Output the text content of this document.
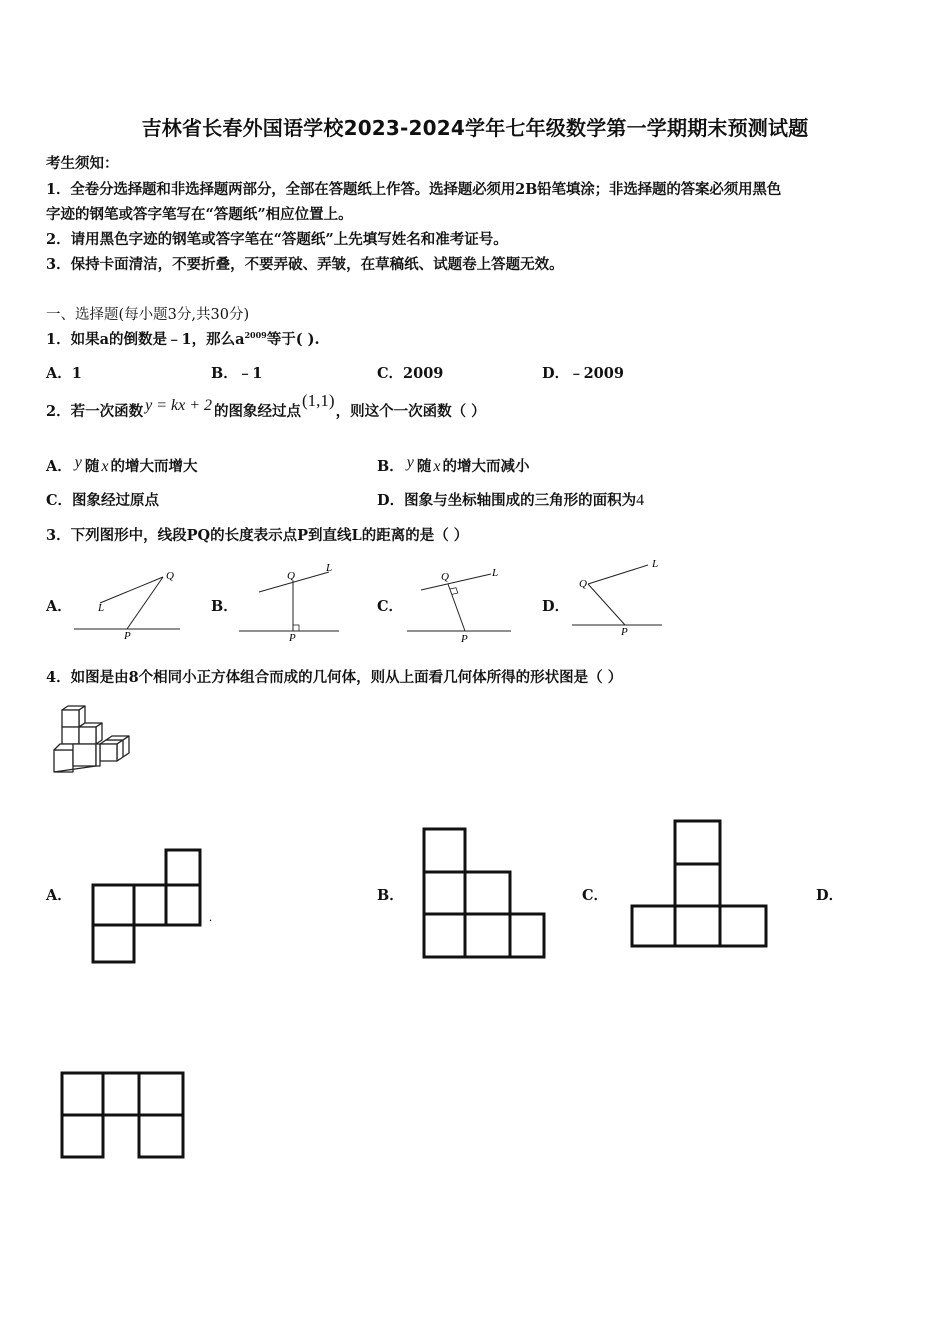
吉林省长春外国语学校2023-2024学年七年级数学第一学期期末预测试题
考生须知：
1．全卷分选择题和非选择题两部分，全部在答题纸上作答。选择题必须用2B铅笔填涂；非选择题的答案必须用黑色
字迹的钢笔或答字笔写在“答题纸”相应位置上。
2．请用黑色字迹的钢笔或答字笔在“答题纸”上先填写姓名和准考证号。
3．保持卡面清洁，不要折叠，不要弄破、弄皱，在草稿纸、试题卷上答题无效。
一、选择题(每小题3分,共30分)
1．如果a的倒数是﹣1，那么$a^{2009}$等于( ).
A．1	B．﹣1	C．2009	D．﹣2009
2．若一次函数 y = kx + 2 的图象经过点(1,1)，则这个一次函数（ ）
A． y 随 x 的增大而增大	B． y 随 x 的增大而减小
C．图象经过原点	D．图象与坐标轴围成的三角形的面积为4
3．下列图形中，线段PQ的长度表示点P到直线L的距离的是（ ）
A．
Q
L
P
B．
Q
L
P
C．
Q	L
P
D．
Q
L
P
4．如图是由8个相同小正方体组合而成的几何体，则从上面看几何体所得的形状图是（ ）
A．
.
B．	C．	D．
